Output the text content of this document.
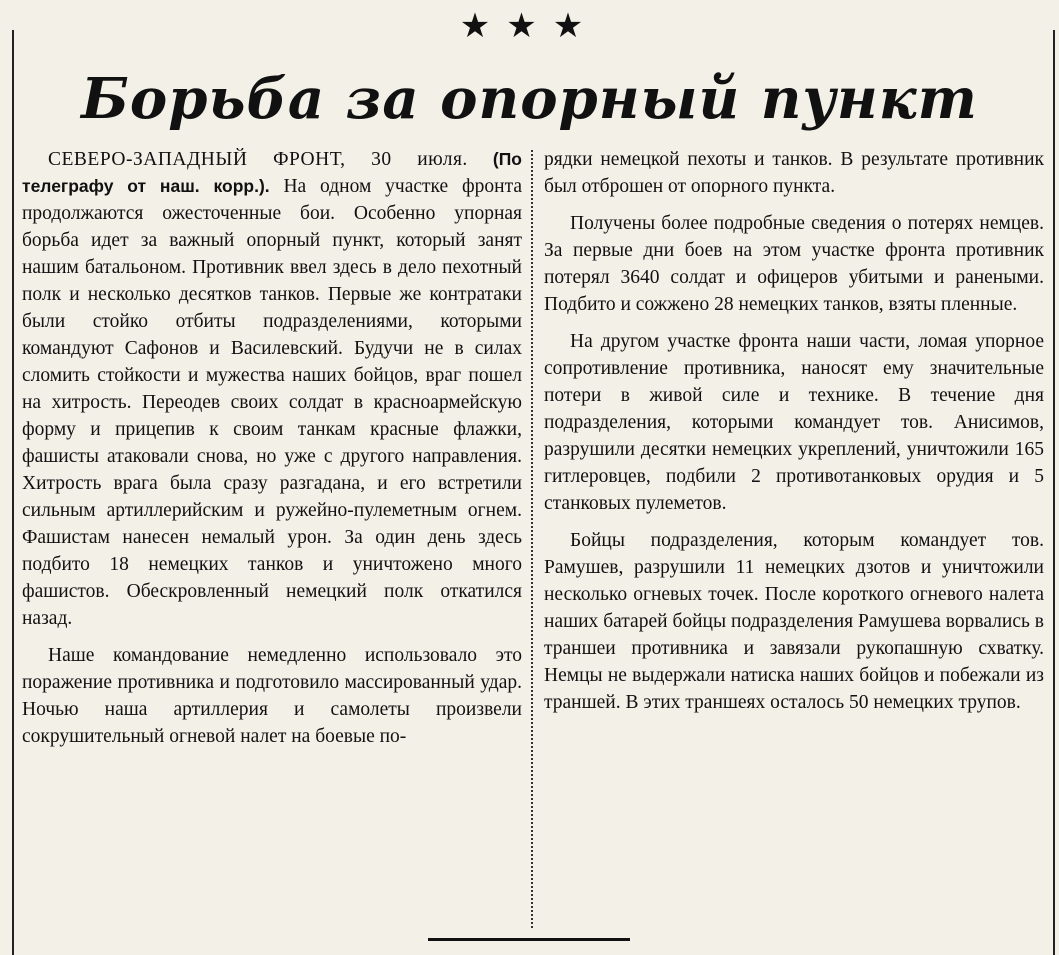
★★★
Борьба за опорный пункт

СЕВЕРО-ЗАПАДНЫЙ ФРОНТ, 30 июля. (По телеграфу от наш. корр.). На одном участке фронта продолжаются ожесточенные бои. Особенно упорная борьба идет за важный опорный пункт, который занят нашим батальоном. Противник ввел здесь в дело пехотный полк и несколько десятков танков. Первые же контратаки были стойко отбиты подразделениями, которыми командуют Сафонов и Василевский. Будучи не в силах сломить стойкости и мужества наших бойцов, враг пошел на хитрость. Переодев своих солдат в красноармейскую форму и прицепив к своим танкам красные флажки, фашисты атаковали снова, но уже с другого направления. Хитрость врага была сразу разгадана, и его встретили сильным артиллерийским и ружейно-пулеметным огнем. Фашистам нанесен немалый урон. За один день здесь подбито 18 немецких танков и уничтожено много фашистов. Обескровленный немецкий полк откатился назад.

Наше командование немедленно использовало это поражение противника и подготовило массированный удар. Ночью наша артиллерия и самолеты произвели сокрушительный огневой налет на боевые по-

рядки немецкой пехоты и танков. В результате противник был отброшен от опорного пункта.

Получены более подробные сведения о потерях немцев. За первые дни боев на этом участке фронта противник потерял 3640 солдат и офицеров убитыми и ранеными. Подбито и сожжено 28 немецких танков, взяты пленные.

На другом участке фронта наши части, ломая упорное сопротивление противника, наносят ему значительные потери в живой силе и технике. В течение дня подразделения, которыми командует тов. Анисимов, разрушили десятки немецких укреплений, уничтожили 165 гитлеровцев, подбили 2 противотанковых орудия и 5 станковых пулеметов.

Бойцы подразделения, которым командует тов. Рамушев, разрушили 11 немецких дзотов и уничтожили несколько огневых точек. После короткого огневого налета наших батарей бойцы подразделения Рамушева ворвались в траншеи противника и завязали рукопашную схватку. Немцы не выдержали натиска наших бойцов и побежали из траншей. В этих траншеях осталось 50 немецких трупов.
